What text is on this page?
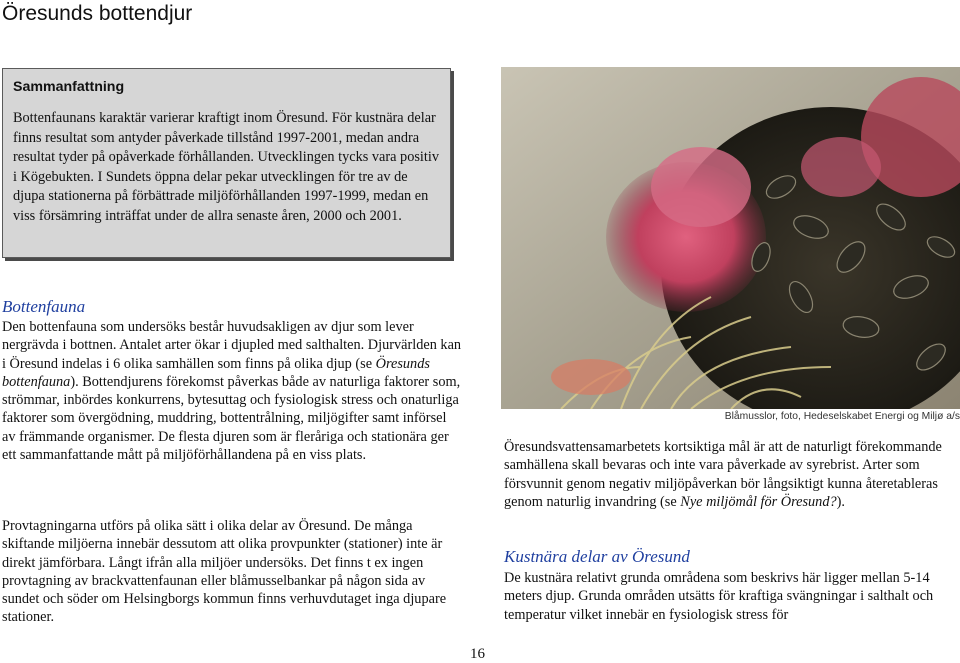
Öresunds bottendjur
Sammanfattning
Bottenfaunans karaktär varierar kraftigt inom Öresund. För kustnära delar finns resultat som antyder påverkade tillstånd 1997-2001, medan andra resultat tyder på opåverkade förhållanden. Utvecklingen tycks vara positiv i Kögebukten. I Sundets öppna delar pekar utvecklingen för tre av de djupa stationerna på förbättrade miljöförhållanden 1997-1999, medan en viss försämring inträffat under de allra senaste åren, 2000 och 2001.
Bottenfauna
Den bottenfauna som undersöks består huvudsakligen av djur som lever nergrävda i bottnen. Antalet arter ökar i djupled med salthalten. Djurvärlden kan i Öresund indelas i 6 olika samhällen som finns på olika djup (se Öresunds bottenfauna). Bottendjurens förekomst påverkas både av naturliga faktorer som, strömmar, inbördes konkurrens, bytesuttag och fysiologisk stress och onaturliga faktorer som övergödning, muddring, bottentrålning, miljögifter samt införsel av främmande organismer. De flesta djuren som är fleråriga och stationära ger ett sammanfattande mått på miljöförhållandena på en viss plats.
Provtagningarna utförs på olika sätt i olika delar av Öresund. De många skiftande miljöerna innebär dessutom att olika provpunkter (stationer) inte är direkt jämförbara. Långt ifrån alla miljöer undersöks. Det finns t ex ingen provtagning av brackvattenfaunan eller blåmusselbankar på någon sida av sundet och söder om Helsingborgs kommun finns verhuvdutaget inga djupare stationer.
Blåmusslor, foto, Hedeselskabet Energi og Miljø a/s
Öresundsvattensamarbetets kortsiktiga mål är att de naturligt förekommande samhällena skall bevaras och inte vara påverkade av syrebrist. Arter som försvunnit genom negativ miljöpåverkan bör långsiktigt kunna återetableras genom naturlig invandring (se Nye miljömål för Öresund?).
Kustnära delar av Öresund
De kustnära relativt grunda områdena som beskrivs här ligger mellan 5-14 meters djup. Grunda områden utsätts för kraftiga svängningar i salthalt och temperatur vilket innebär en fysiologisk stress för
16
